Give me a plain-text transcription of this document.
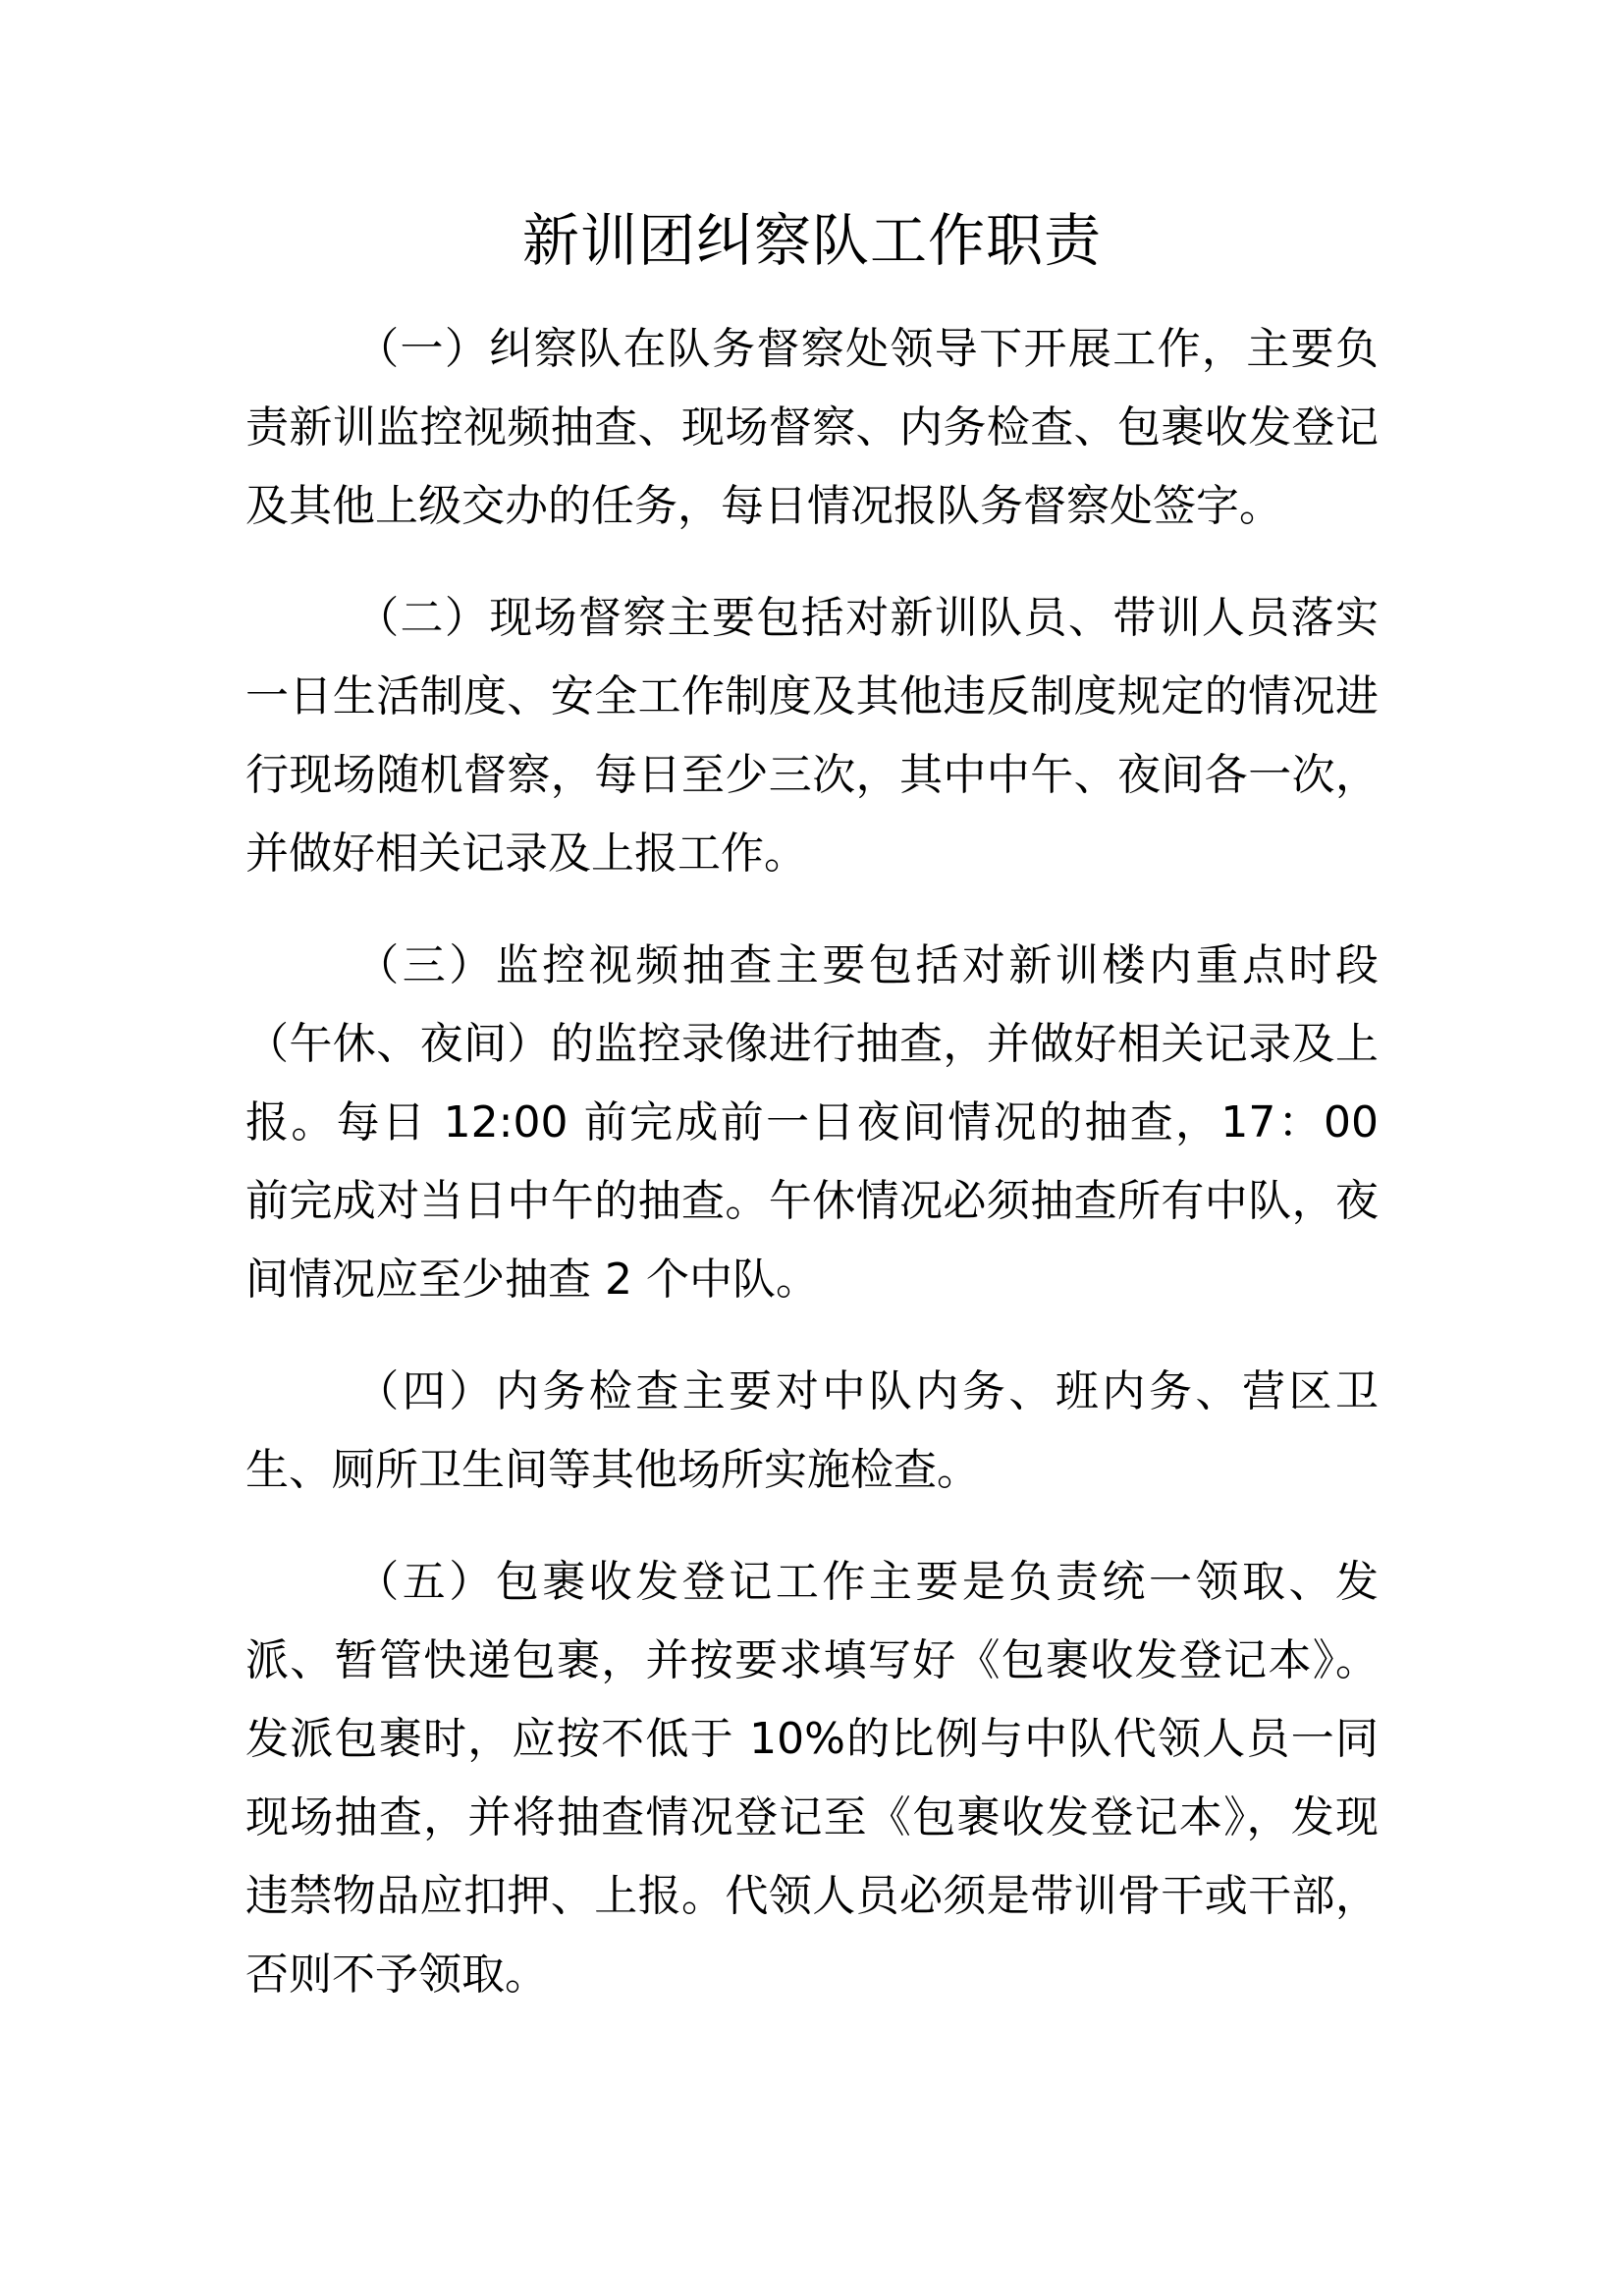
新训团纠察队工作职责

（一）纠察队在队务督察处领导下开展工作，主要负责新训监控视频抽查、现场督察、内务检查、包裹收发登记及其他上级交办的任务，每日情况报队务督察处签字。

（二）现场督察主要包括对新训队员、带训人员落实一日生活制度、安全工作制度及其他违反制度规定的情况进行现场随机督察，每日至少三次，其中中午、夜间各一次，并做好相关记录及上报工作。

（三）监控视频抽查主要包括对新训楼内重点时段（午休、夜间）的监控录像进行抽查，并做好相关记录及上报。每日 12:00 前完成前一日夜间情况的抽查，17：00 前完成对当日中午的抽查。午休情况必须抽查所有中队，夜间情况应至少抽查 2 个中队。

（四）内务检查主要对中队内务、班内务、营区卫生、厕所卫生间等其他场所实施检查。

（五）包裹收发登记工作主要是负责统一领取、发派、暂管快递包裹，并按要求填写好《包裹收发登记本》。发派包裹时，应按不低于 10%的比例与中队代领人员一同现场抽查，并将抽查情况登记至《包裹收发登记本》，发现违禁物品应扣押、上报。代领人员必须是带训骨干或干部，否则不予领取。
